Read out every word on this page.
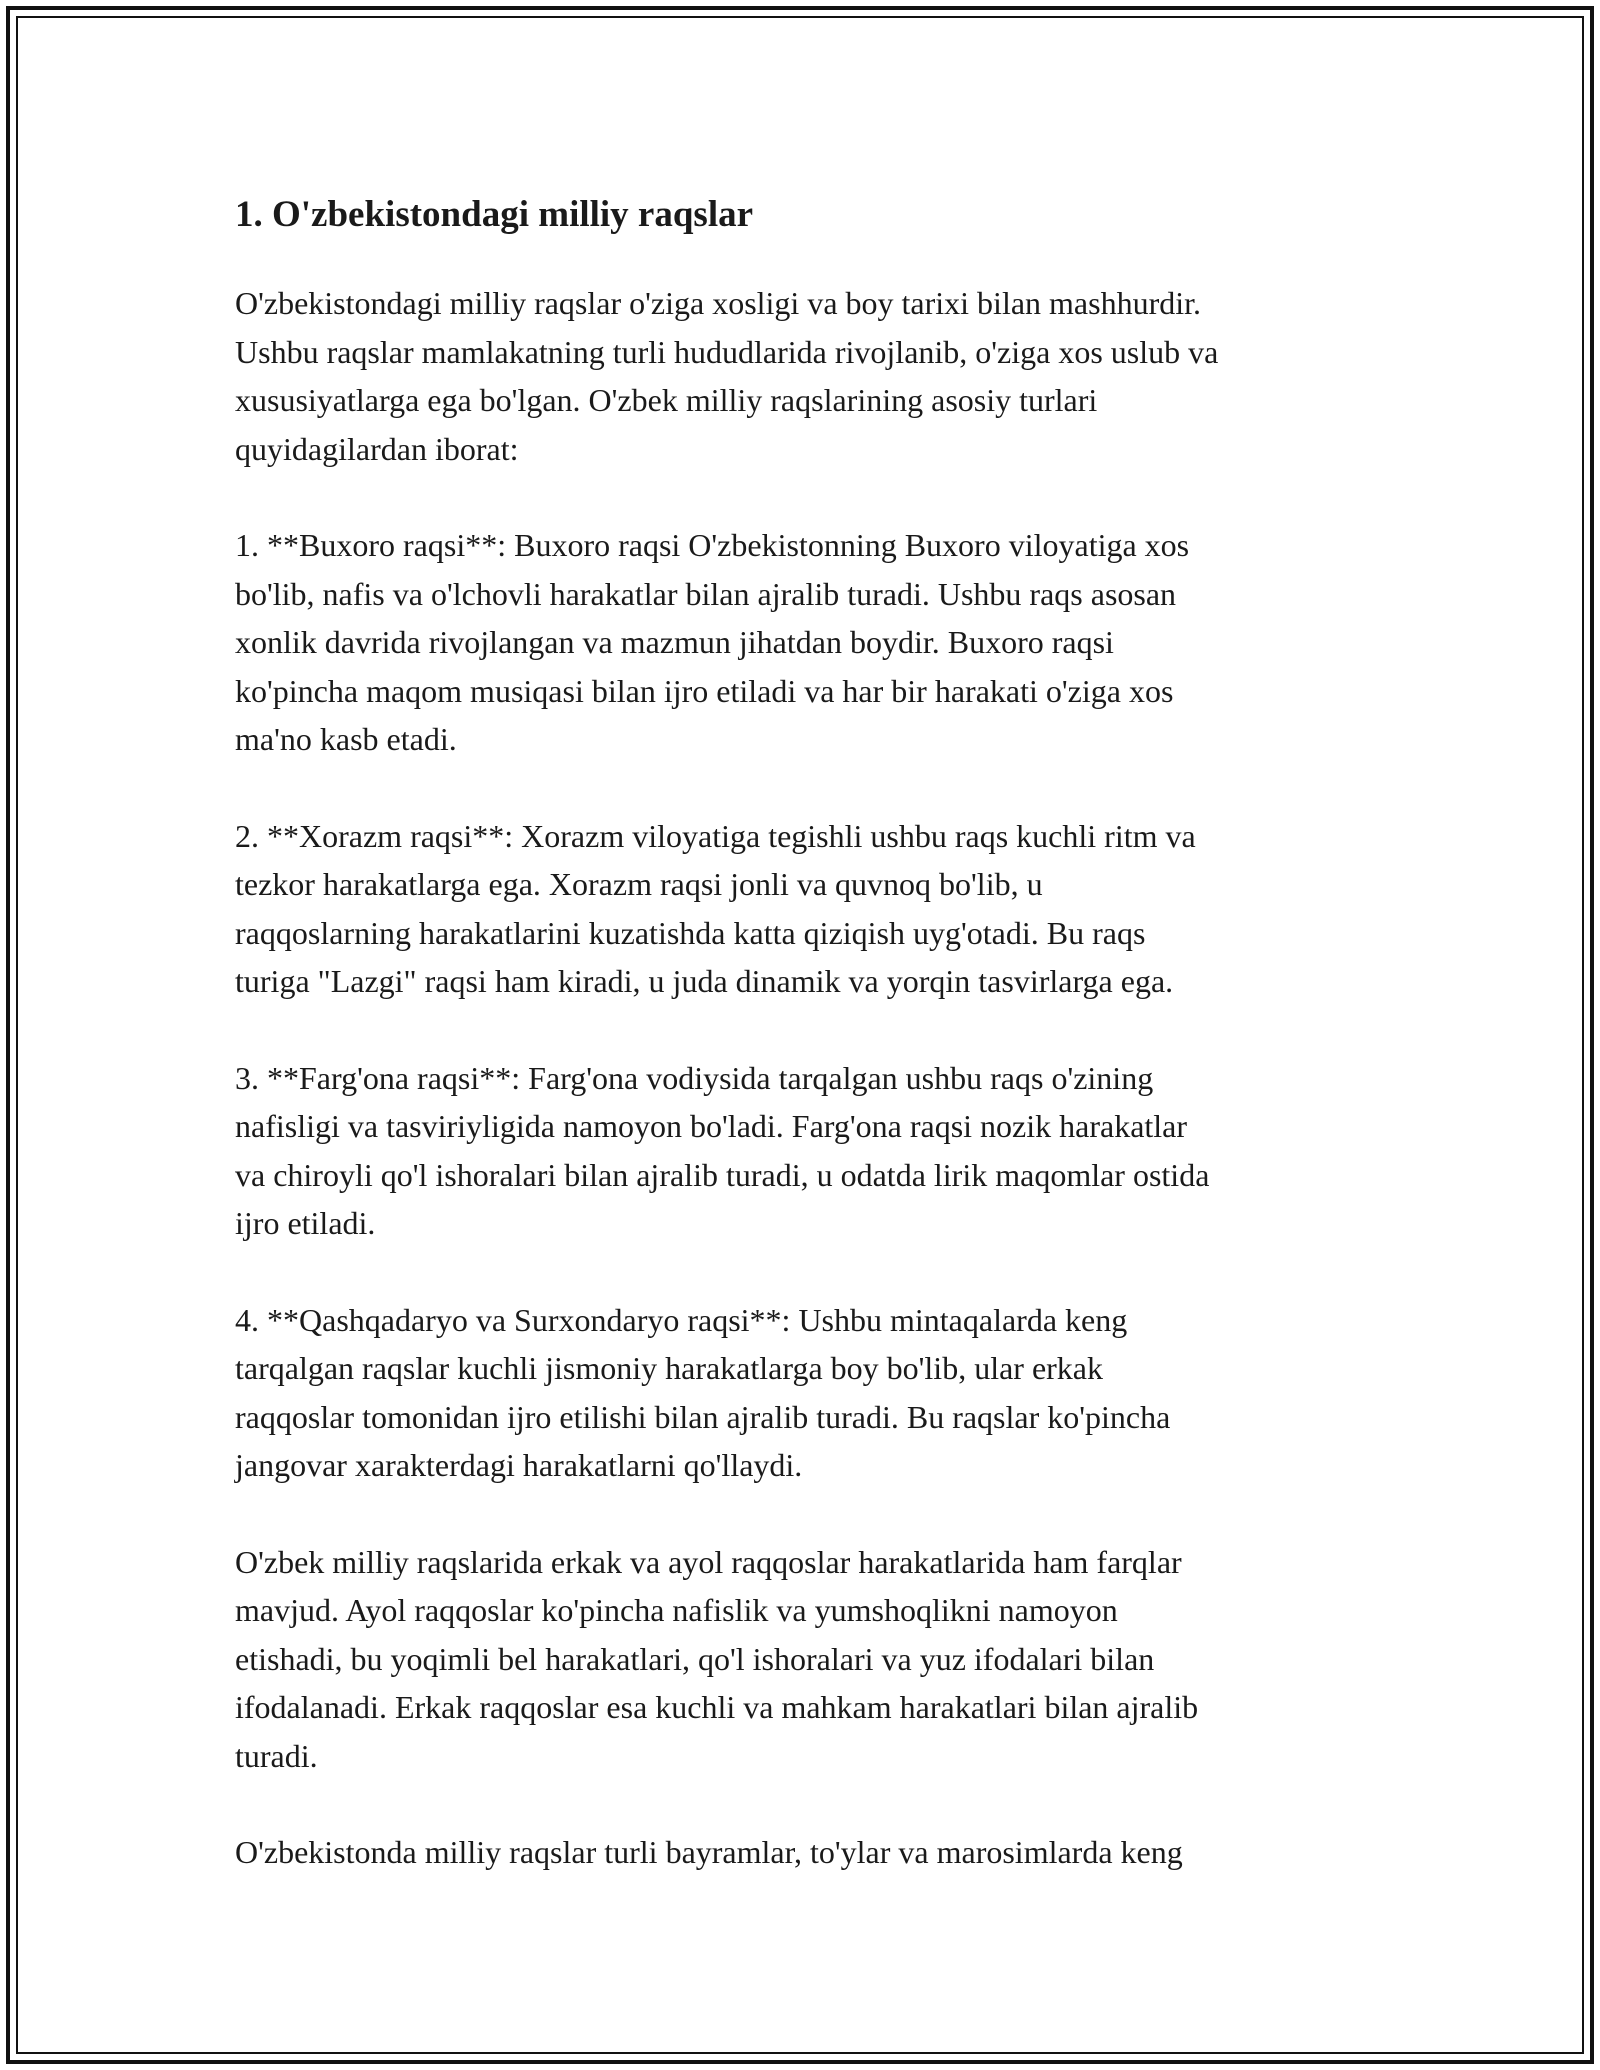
1. O'zbekistondagi milliy raqslar

O'zbekistondagi milliy raqslar o'ziga xosligi va boy tarixi bilan mashhurdir.
Ushbu raqslar mamlakatning turli hududlarida rivojlanib, o'ziga xos uslub va
xususiyatlarga ega bo'lgan. O'zbek milliy raqslarining asosiy turlari
quyidagilardan iborat:

1. **Buxoro raqsi**: Buxoro raqsi O'zbekistonning Buxoro viloyatiga xos
bo'lib, nafis va o'lchovli harakatlar bilan ajralib turadi. Ushbu raqs asosan
xonlik davrida rivojlangan va mazmun jihatdan boydir. Buxoro raqsi
ko'pincha maqom musiqasi bilan ijro etiladi va har bir harakati o'ziga xos
ma'no kasb etadi.

2. **Xorazm raqsi**: Xorazm viloyatiga tegishli ushbu raqs kuchli ritm va
tezkor harakatlarga ega. Xorazm raqsi jonli va quvnoq bo'lib, u
raqqoslarning harakatlarini kuzatishda katta qiziqish uyg'otadi. Bu raqs
turiga "Lazgi" raqsi ham kiradi, u juda dinamik va yorqin tasvirlarga ega.

3. **Farg'ona raqsi**: Farg'ona vodiysida tarqalgan ushbu raqs o'zining
nafisligi va tasviriyligida namoyon bo'ladi. Farg'ona raqsi nozik harakatlar
va chiroyli qo'l ishoralari bilan ajralib turadi, u odatda lirik maqomlar ostida
ijro etiladi.

4. **Qashqadaryo va Surxondaryo raqsi**: Ushbu mintaqalarda keng
tarqalgan raqslar kuchli jismoniy harakatlarga boy bo'lib, ular erkak
raqqoslar tomonidan ijro etilishi bilan ajralib turadi. Bu raqslar ko'pincha
jangovar xarakterdagi harakatlarni qo'llaydi.

O'zbek milliy raqslarida erkak va ayol raqqoslar harakatlarida ham farqlar
mavjud. Ayol raqqoslar ko'pincha nafislik va yumshoqlikni namoyon
etishadi, bu yoqimli bel harakatlari, qo'l ishoralari va yuz ifodalari bilan
ifodalanadi. Erkak raqqoslar esa kuchli va mahkam harakatlari bilan ajralib
turadi.

O'zbekistonda milliy raqslar turli bayramlar, to'ylar va marosimlarda keng
